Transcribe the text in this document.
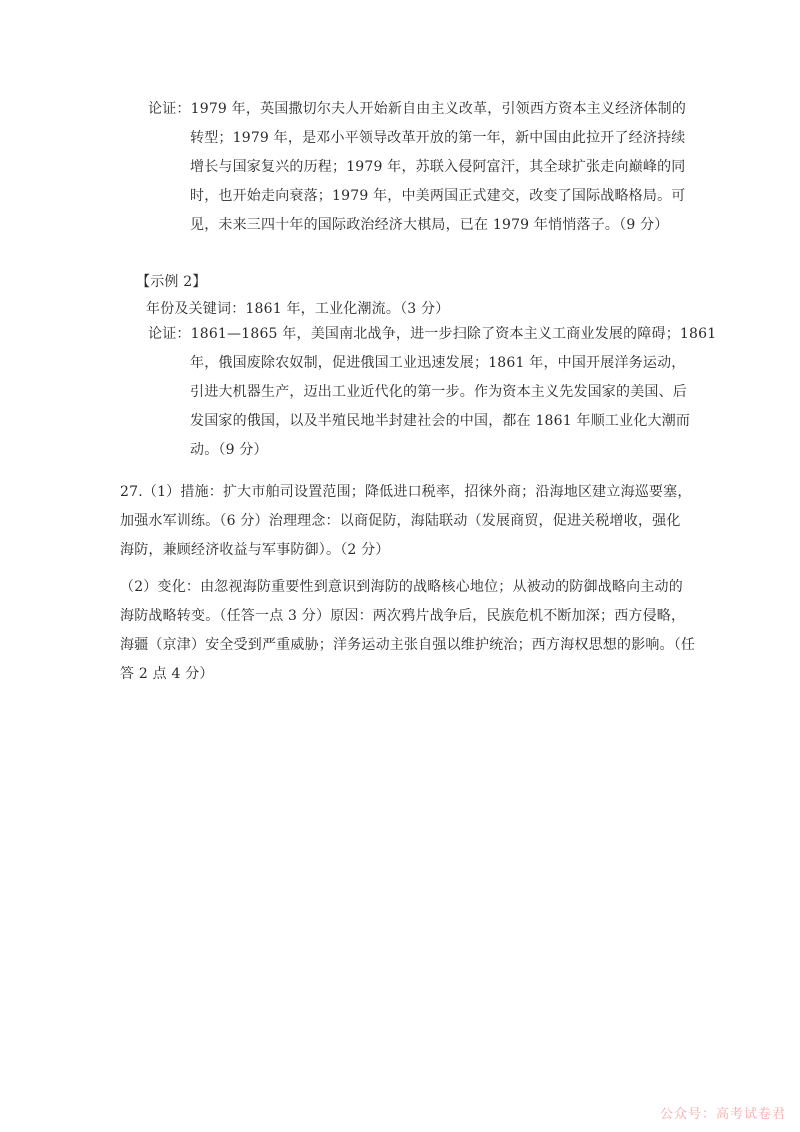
论证：1979 年，英国撒切尔夫人开始新自由主义改革，引领西方资本主义经济体制的
转型；1979 年，是邓小平领导改革开放的第一年，新中国由此拉开了经济持续
增长与国家复兴的历程；1979 年，苏联入侵阿富汗，其全球扩张走向巅峰的同
时，也开始走向衰落；1979 年，中美两国正式建交，改变了国际战略格局。可
见，未来三四十年的国际政治经济大棋局，已在 1979 年悄悄落子。（9 分）
【示例 2】
年份及关键词：1861 年，工业化潮流。（3 分）
论证：1861—1865 年，美国南北战争，进一步扫除了资本主义工商业发展的障碍；1861
年，俄国废除农奴制，促进俄国工业迅速发展；1861 年，中国开展洋务运动，
引进大机器生产，迈出工业近代化的第一步。作为资本主义先发国家的美国、后
发国家的俄国，以及半殖民地半封建社会的中国，都在 1861 年顺工业化大潮而
动。（9 分）
27.（1）措施：扩大市舶司设置范围；降低进口税率，招徕外商；沿海地区建立海巡要塞，
加强水军训练。（6 分）治理理念：以商促防，海陆联动（发展商贸，促进关税增收，强化
海防，兼顾经济收益与军事防御）。（2 分）
（2）变化：由忽视海防重要性到意识到海防的战略核心地位；从被动的防御战略向主动的
海防战略转变。（任答一点 3 分）原因：两次鸦片战争后，民族危机不断加深；西方侵略，
海疆（京津）安全受到严重威胁；洋务运动主张自强以维护统治；西方海权思想的影响。（任
答 2 点 4 分）
公众号：高考试卷君
